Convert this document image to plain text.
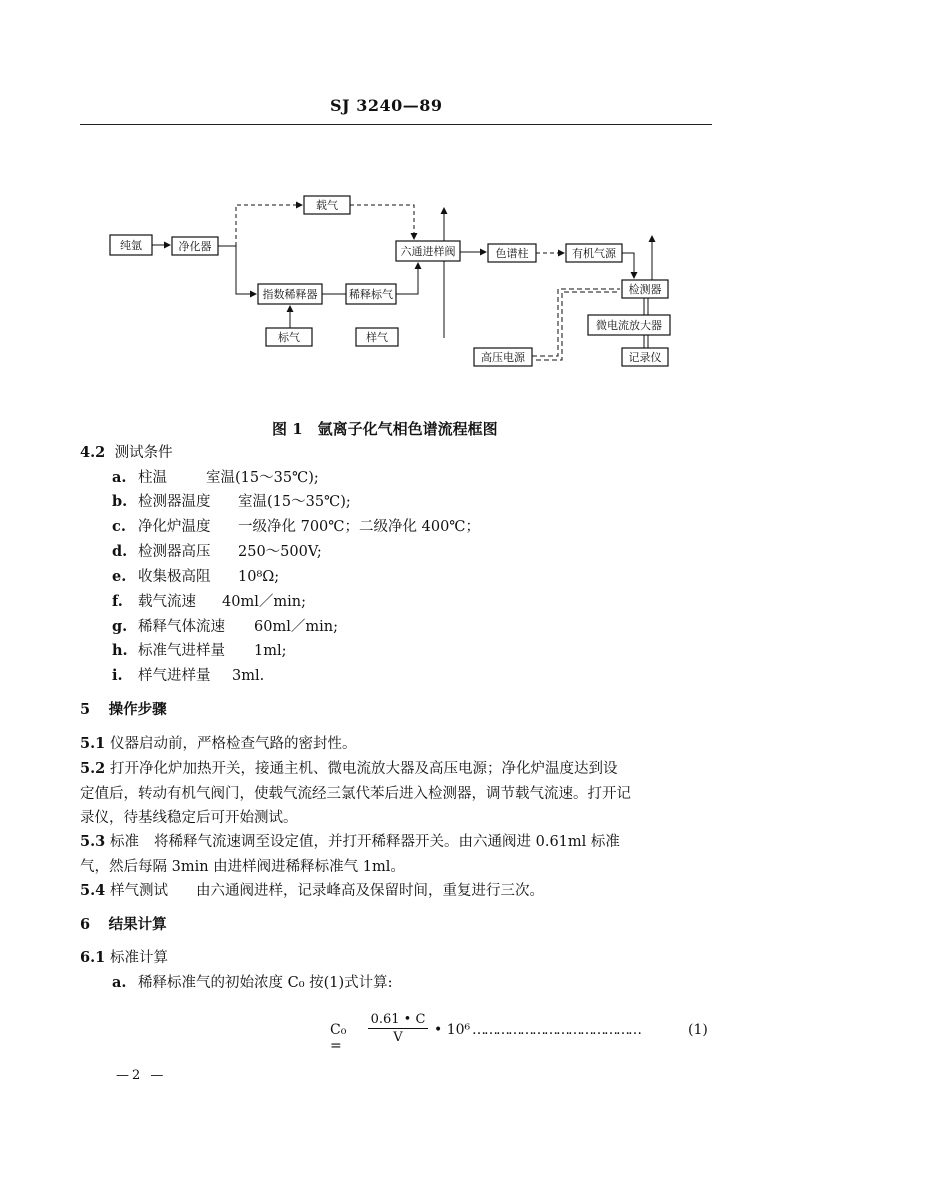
SJ 3240—89
纯氩	净化器
载气
六通进样阀	色谱柱	有机气源
指数稀释器	稀释标气
标气	样气
检测器
微电流放大器
高压电源	记录仪
图 1　氩离子化气相色谱流程框图
4.2 测试条件
a. 柱温	室温(15～35℃);
b. 检测器温度 室温(15～35℃);
c. 净化炉温度 一级净化 700℃；二级净化 400℃；
d. 检测器高压 250～500V;
e. 收集极高阻 10⁸Ω;
f. 载气流速 40ml／min;
g. 稀释气体流速 60ml／min;
h. 标准气进样量 1ml;
i. 样气进样量 3ml.
5 操作步骤
5.1 仪器启动前，严格检查气路的密封性。
5.2 打开净化炉加热开关，接通主机、微电流放大器及高压电源；净化炉温度达到设
定值后，转动有机气阀门，使载气流经三氯代苯后进入检测器，调节载气流速。打开记
录仪，待基线稳定后可开始测试。
5.3 标准 将稀释气流速调至设定值，并打开稀释器开关。由六通阀进 0.61ml 标准
气，然后每隔 3min 由进样阀进稀释标准气 1ml。
5.4 样气测试 由六通阀进样，记录峰高及保留时间，重复进行三次。
6 结果计算
6.1 标准计算
a. 稀释标准气的初始浓度 C₀ 按(1)式计算:
C₀ =
0.61 • C
V	• 10⁶ ……………………………………	(1)
—2 —
